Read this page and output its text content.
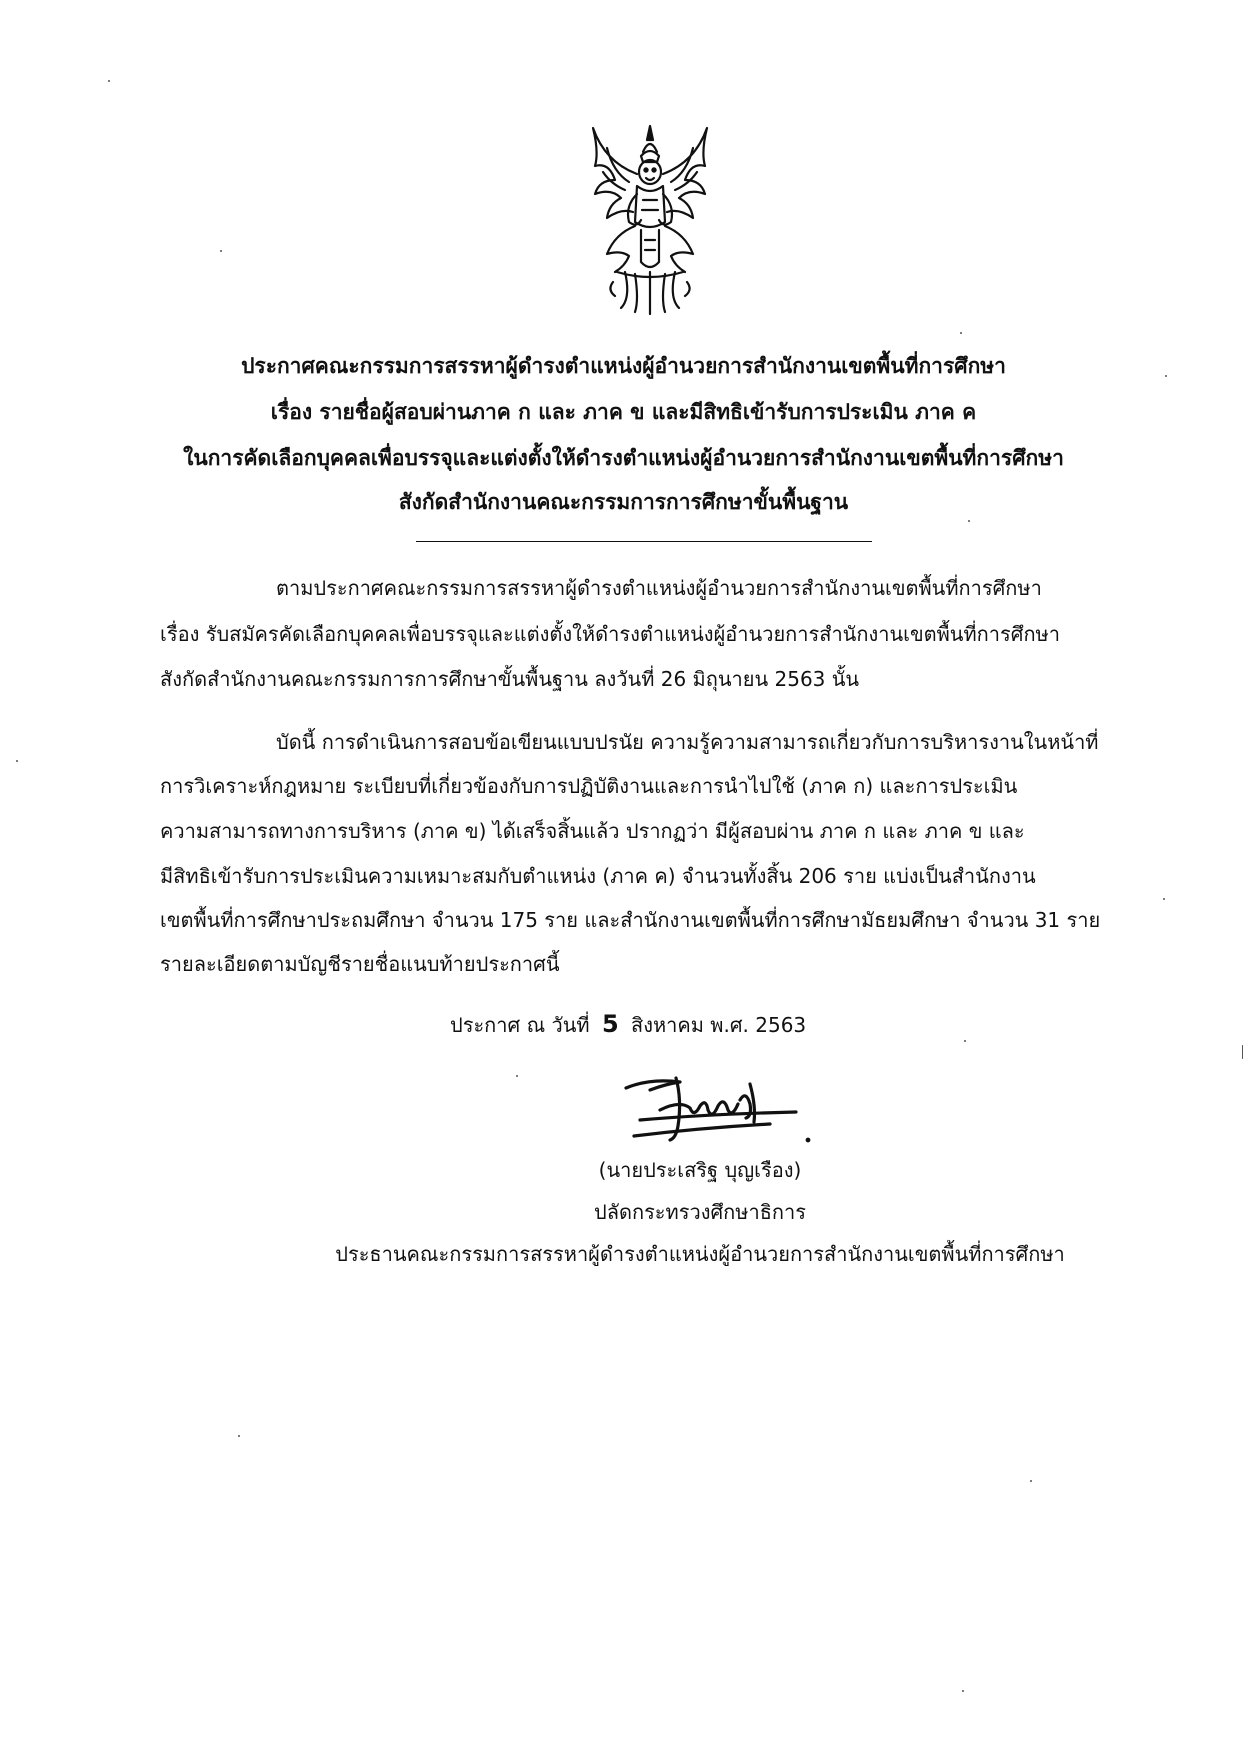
ประกาศคณะกรรมการสรรหาผู้ดำรงตำแหน่งผู้อำนวยการสำนักงานเขตพื้นที่การศึกษา
เรื่อง รายชื่อผู้สอบผ่านภาค ก และ ภาค ข และมีสิทธิเข้ารับการประเมิน ภาค ค
ในการคัดเลือกบุคคลเพื่อบรรจุและแต่งตั้งให้ดำรงตำแหน่งผู้อำนวยการสำนักงานเขตพื้นที่การศึกษา
สังกัดสำนักงานคณะกรรมการการศึกษาขั้นพื้นฐาน
ตามประกาศคณะกรรมการสรรหาผู้ดำรงตำแหน่งผู้อำนวยการสำนักงานเขตพื้นที่การศึกษา
เรื่อง รับสมัครคัดเลือกบุคคลเพื่อบรรจุและแต่งตั้งให้ดำรงตำแหน่งผู้อำนวยการสำนักงานเขตพื้นที่การศึกษา
สังกัดสำนักงานคณะกรรมการการศึกษาขั้นพื้นฐาน ลงวันที่ 26 มิถุนายน 2563 นั้น
บัดนี้ การดำเนินการสอบข้อเขียนแบบปรนัย ความรู้ความสามารถเกี่ยวกับการบริหารงานในหน้าที่
การวิเคราะห์กฎหมาย ระเบียบที่เกี่ยวข้องกับการปฏิบัติงานและการนำไปใช้ (ภาค ก) และการประเมิน
ความสามารถทางการบริหาร (ภาค ข) ได้เสร็จสิ้นแล้ว ปรากฏว่า มีผู้สอบผ่าน ภาค ก และ ภาค ข และ
มีสิทธิเข้ารับการประเมินความเหมาะสมกับตำแหน่ง (ภาค ค) จำนวนทั้งสิ้น 206 ราย แบ่งเป็นสำนักงาน
เขตพื้นที่การศึกษาประถมศึกษา จำนวน 175 ราย และสำนักงานเขตพื้นที่การศึกษามัธยมศึกษา จำนวน 31 ราย
รายละเอียดตามบัญชีรายชื่อแนบท้ายประกาศนี้
ประกาศ ณ วันที่ 5 สิงหาคม พ.ศ. 2563
(นายประเสริฐ บุญเรือง)
ปลัดกระทรวงศึกษาธิการ
ประธานคณะกรรมการสรรหาผู้ดำรงตำแหน่งผู้อำนวยการสำนักงานเขตพื้นที่การศึกษา
